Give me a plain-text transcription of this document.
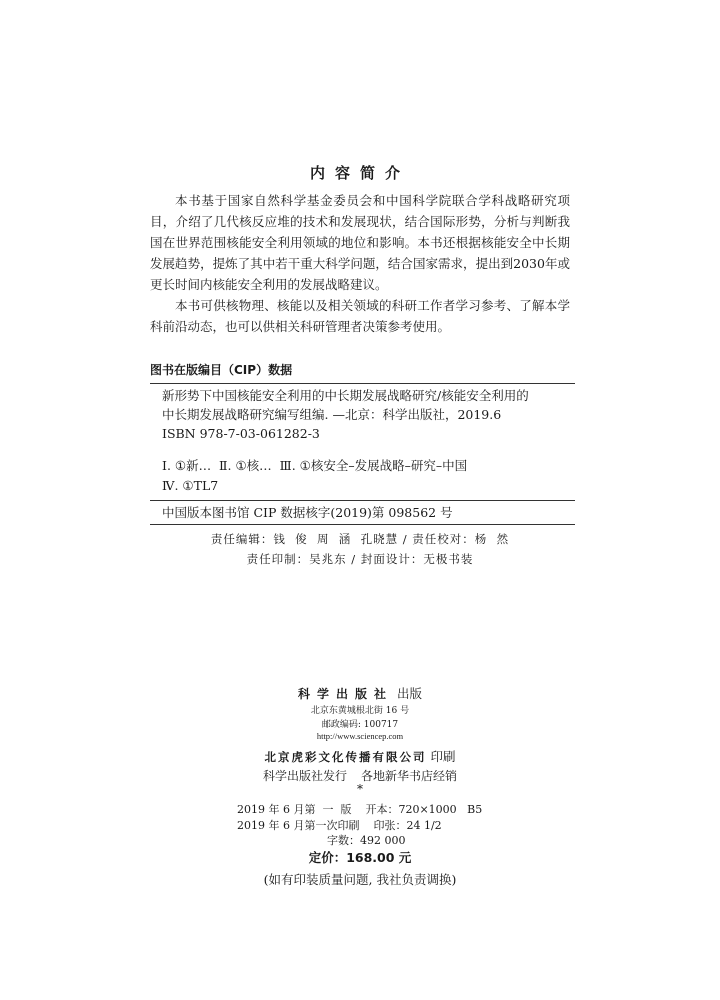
内容简介

本书基于国家自然科学基金委员会和中国科学院联合学科战略研究项目，介绍了几代核反应堆的技术和发展现状，结合国际形势，分析与判断我国在世界范围核能安全利用领域的地位和影响。本书还根据核能安全中长期发展趋势，提炼了其中若干重大科学问题，结合国家需求，提出到2030年或更长时间内核能安全利用的发展战略建议。

本书可供核物理、核能以及相关领域的科研工作者学习参考、了解本学科前沿动态，也可以供相关科研管理者决策参考使用。

图书在版编目（CIP）数据
新形势下中国核能安全利用的中长期发展战略研究/核能安全利用的
中长期发展战略研究编写组编. —北京：科学出版社，2019.6
ISBN 978-7-03-061282-3
Ⅰ. ①新…  Ⅱ. ①核…  Ⅲ. ①核安全–发展战略–研究–中国
Ⅳ. ①TL7
中国版本图书馆 CIP 数据核字(2019)第 098562 号
责任编辑：钱  俊  周  涵  孔晓慧 / 责任校对：杨  然
责任印制：吴兆东 / 封面设计：无极书装
科学出版社 出版
北京东黄城根北街 16 号
邮政编码: 100717
http://www.sciencep.com
北京虎彩文化传播有限公司 印刷
科学出版社发行 各地新华书店经销
*
2019 年 6 月第  一  版    开本：720×1000   B5
2019 年 6 月第一次印刷    印张：24 1/2
字数：492 000
定价：168.00 元
(如有印装质量问题, 我社负责调换)
